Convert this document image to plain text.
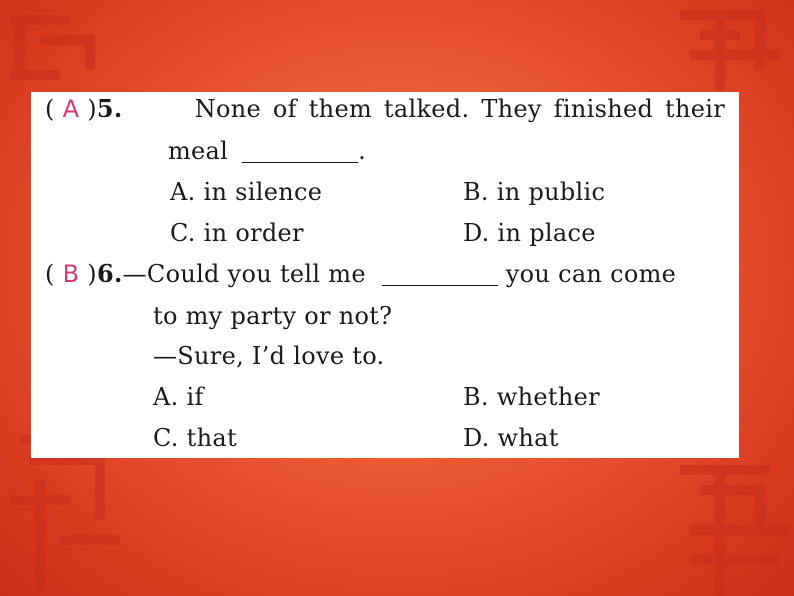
( A )5.	None of them talked. They finished their
meal	.
A. in silence	B. in public
C. in order	D. in place
( B )6.—Could you tell me	you can come
to my party or not?
—Sure, I’d love to.
A. if	B. whether
C. that	D. what
